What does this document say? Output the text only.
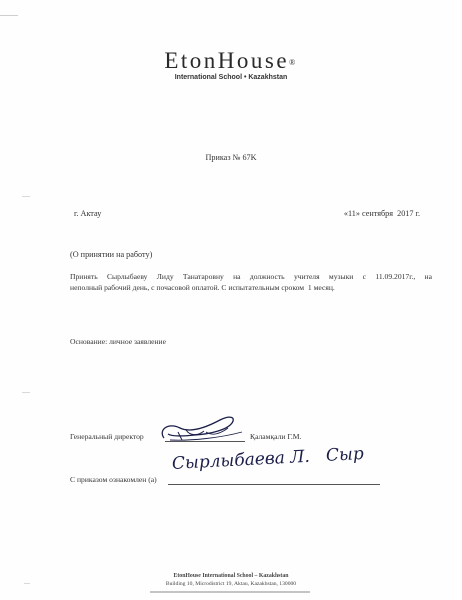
EtonHouse®
International School • Kazakhstan
Приказ № 67K
г. Актау	«11» сентября  2017 г.
(О принятии на работу)
Принять Сырлыбаеву Лиду Танатаровну на должность учителя музыки с 11.09.2017г., на
неполный рабочий день, с почасовой оплатой. С испытательным сроком  1 месяц.
Основание: личное заявление
Генеральный директор	Қаламқали Г.М.
С приказом ознакомлен (а)
Сырлыбаева Л.   Сыр
EtonHouse International School – Kazakhstan
Building 10, Microdistrict 19, Aktau, Kazakhstan, 130000
